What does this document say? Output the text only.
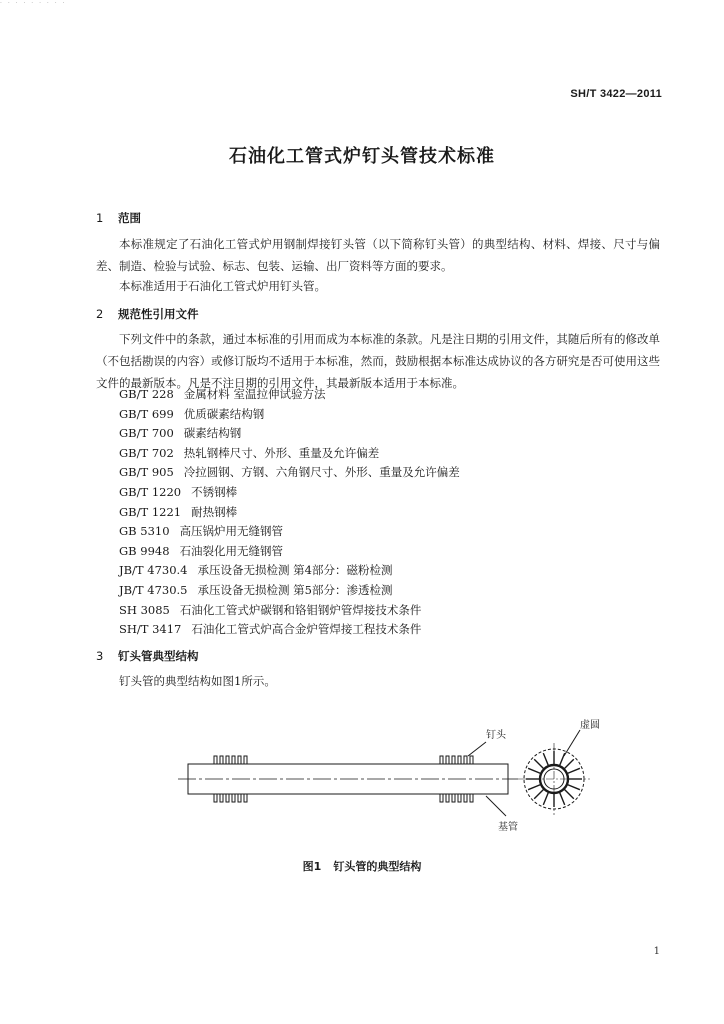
· · · · · · · · ·
SH/T 3422—2011
石油化工管式炉钉头管技术标准
1 范围
本标准规定了石油化工管式炉用钢制焊接钉头管（以下简称钉头管）的典型结构、材料、焊接、尺寸与偏差、制造、检验与试验、标志、包装、运输、出厂资料等方面的要求。
本标准适用于石油化工管式炉用钉头管。
2 规范性引用文件
下列文件中的条款，通过本标准的引用而成为本标准的条款。凡是注日期的引用文件，其随后所有的修改单（不包括勘误的内容）或修订版均不适用于本标准，然而，鼓励根据本标准达成协议的各方研究是否可使用这些文件的最新版本。凡是不注日期的引用文件，其最新版本适用于本标准。
GB/T 228 金属材料 室温拉伸试验方法
GB/T 699 优质碳素结构钢
GB/T 700 碳素结构钢
GB/T 702 热轧钢棒尺寸、外形、重量及允许偏差
GB/T 905 冷拉圆钢、方钢、六角钢尺寸、外形、重量及允许偏差
GB/T 1220 不锈钢棒
GB/T 1221 耐热钢棒
GB 5310 高压锅炉用无缝钢管
GB 9948 石油裂化用无缝钢管
JB/T 4730.4 承压设备无损检测 第4部分：磁粉检测
JB/T 4730.5 承压设备无损检测 第5部分：渗透检测
SH 3085 石油化工管式炉碳钢和铬钼钢炉管焊接技术条件
SH/T 3417 石油化工管式炉高合金炉管焊接工程技术条件
3 钉头管典型结构
钉头管的典型结构如图1所示。
钉头
基管
虚圆
图1 钉头管的典型结构
1
